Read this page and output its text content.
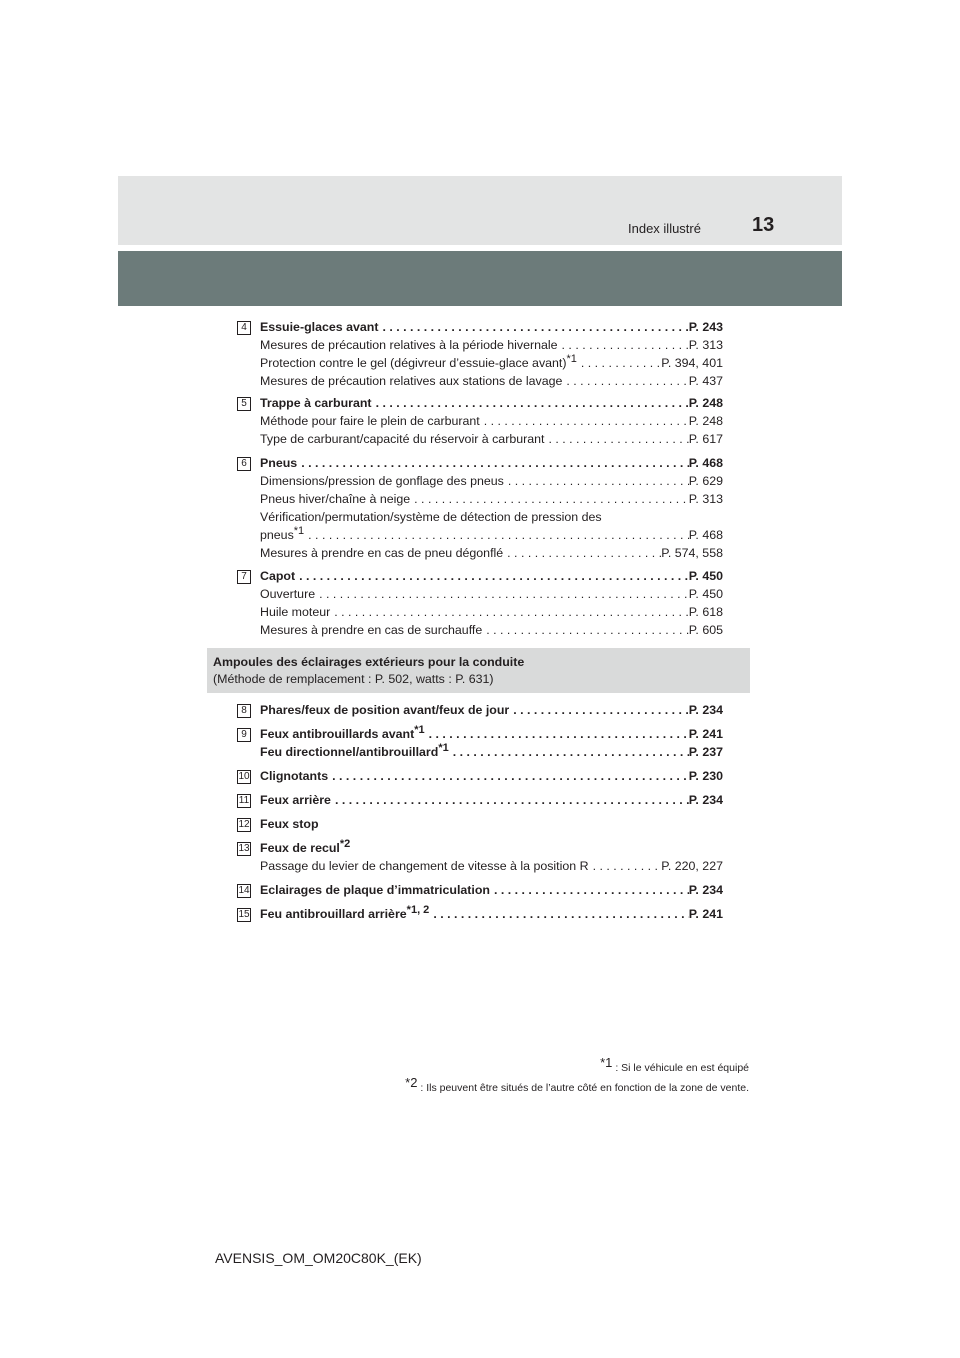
Index illustré	13
4	Essuie-glaces avant . . .	P. 243
Mesures de précaution relatives à la période hivernale . . .	P. 313
Protection contre le gel (dégivreur d’essuie-glace avant)$^{*1}$ . . .	P. 394, 401
Mesures de précaution relatives aux stations de lavage . . .	P. 437
5	Trappe à carburant . . .	P. 248
Méthode pour faire le plein de carburant . . .	P. 248
Type de carburant/capacité du réservoir à carburant . . .	P. 617
6	Pneus . . .	P. 468
Dimensions/pression de gonflage des pneus . . .	P. 629
Pneus hiver/chaîne à neige . . .	P. 313
Vérification/permutation/système de détection de pression des
pneus$^{*1}$ . . .	P. 468
Mesures à prendre en cas de pneu dégonflé . . .	P. 574, 558
7	Capot . . .	P. 450
Ouverture . . .	P. 450
Huile moteur . . .	P. 618
Mesures à prendre en cas de surchauffe . . .	P. 605
Ampoules des éclairages extérieurs pour la conduite
(Méthode de remplacement : P. 502, watts : P. 631)
8	Phares/feux de position avant/feux de jour . . .	P. 234
9	Feux antibrouillards avant$^{*1}$ . . .	P. 241
Feu directionnel/antibrouillard$^{*1}$ . . .	P. 237
10 Clignotants . . .	P. 230
11 Feux arrière . . .	P. 234
12 Feux stop
13 Feux de recul$^{*2}$
Passage du levier de changement de vitesse à la position R . . .	P. 220, 227
14 Eclairages de plaque d’immatriculation . . .	P. 234
15 Feu antibrouillard arrière$^{*1, 2}$ . . .	P. 241
$^{*1}$ : Si le véhicule en est équipé
$^{*2}$ : Ils peuvent être situés de l’autre côté en fonction de la zone de vente.
AVENSIS_OM_OM20C80K_(EK)
